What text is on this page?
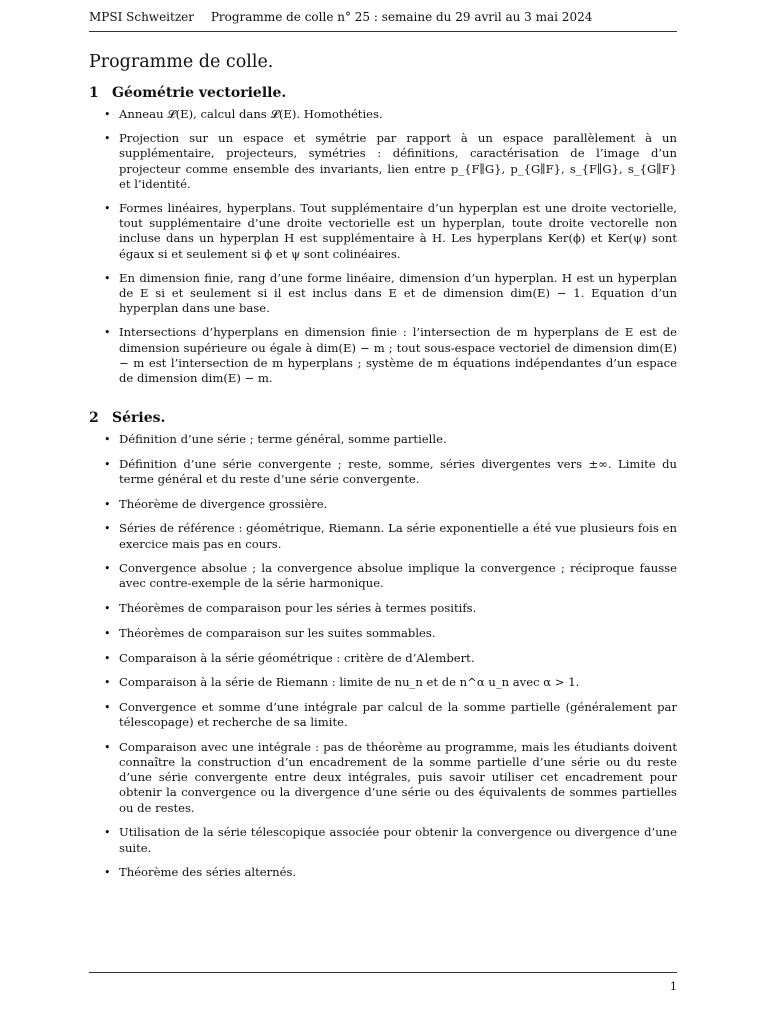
MPSI Schweitzer Programme de colle n° 25 : semaine du 29 avril au 3 mai 2024
Programme de colle.
1 Géométrie vectorielle.
• Anneau 𝓛(E), calcul dans 𝓛(E). Homothéties.
• Projection sur un espace et symétrie par rapport à un espace parallèlement à un supplémentaire, projecteurs, symétries : définitions, caractérisation de l’image d’un projecteur comme ensemble des invariants, lien entre p_{F∥G}, p_{G∥F}, s_{F∥G}, s_{G∥F} et l’identité.
• Formes linéaires, hyperplans. Tout supplémentaire d’un hyperplan est une droite vectorielle, tout supplémentaire d’une droite vectorielle est un hyperplan, toute droite vectorelle non incluse dans un hyperplan H est supplémentaire à H. Les hyperplans Ker(ϕ) et Ker(ψ) sont égaux si et seulement si ϕ et ψ sont colinéaires.
• En dimension finie, rang d’une forme linéaire, dimension d’un hyperplan. H est un hyperplan de E si et seulement si il est inclus dans E et de dimension dim(E) − 1. Equation d’un hyperplan dans une base.
• Intersections d’hyperplans en dimension finie : l’intersection de m hyperplans de E est de dimension supérieure ou égale à dim(E) − m ; tout sous-espace vectoriel de dimension dim(E) − m est l’intersection de m hyperplans ; système de m équations indépendantes d’un espace de dimension dim(E) − m.
2 Séries.
• Définition d’une série ; terme général, somme partielle.
• Définition d’une série convergente ; reste, somme, séries divergentes vers ±∞. Limite du terme général et du reste d’une série convergente.
• Théorème de divergence grossière.
• Séries de référence : géométrique, Riemann. La série exponentielle a été vue plusieurs fois en exercice mais pas en cours.
• Convergence absolue ; la convergence absolue implique la convergence ; réciproque fausse avec contre-exemple de la série harmonique.
• Théorèmes de comparaison pour les séries à termes positifs.
• Théorèmes de comparaison sur les suites sommables.
• Comparaison à la série géométrique : critère de d’Alembert.
• Comparaison à la série de Riemann : limite de nu_n et de n^α u_n avec α > 1.
• Convergence et somme d’une intégrale par calcul de la somme partielle (généralement par télescopage) et recherche de sa limite.
• Comparaison avec une intégrale : pas de théorème au programme, mais les étudiants doivent connaître la construction d’un encadrement de la somme partielle d’une série ou du reste d’une série convergente entre deux intégrales, puis savoir utiliser cet encadrement pour obtenir la convergence ou la divergence d’une série ou des équivalents de sommes partielles ou de restes.
• Utilisation de la série télescopique associée pour obtenir la convergence ou divergence d’une suite.
• Théorème des séries alternés.
1
